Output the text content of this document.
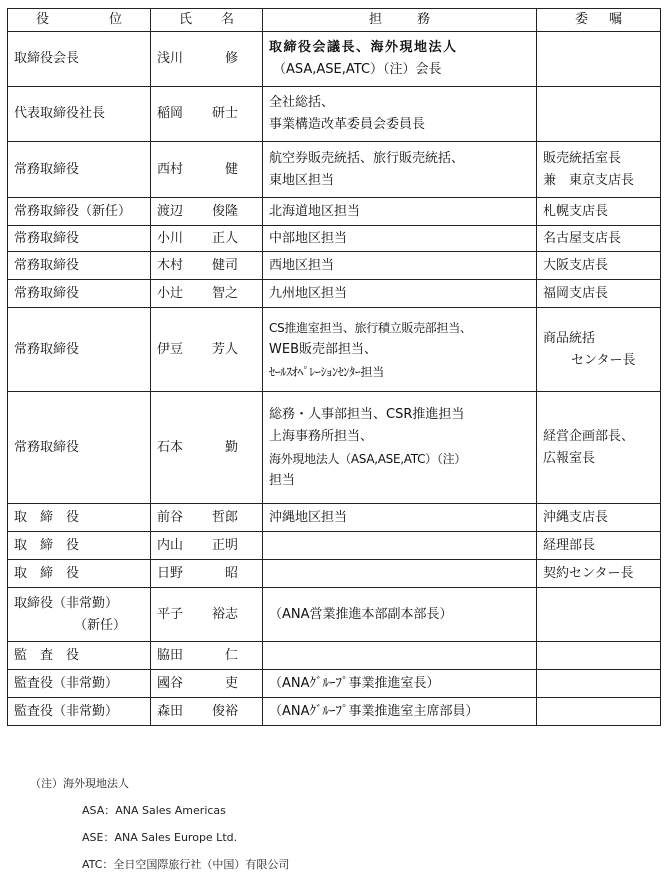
役 位	氏 名	担 務	委 嘱

取締役会長	浅川 修	取締役会議長、海外現地法人
（ASA,ASE,ATC）（注）会長	

代表取締役社長	稲岡 研士	全社総括、
事業構造改革委員会委員長	

常務取締役	西村 健	航空券販売統括、旅行販売統括、
東地区担当	販売統括室長
兼　東京支店長

常務取締役（新任）	渡辺 俊隆	北海道地区担当	札幌支店長

常務取締役	小川 正人	中部地区担当	名古屋支店長

常務取締役	木村 健司	西地区担当	大阪支店長

常務取締役	小辻 智之	九州地区担当	福岡支店長

常務取締役	伊豆 芳人	CS推進室担当、旅行積立販売部担当、
WEB販売部担当、
ｾｰﾙｽｵﾍﾟﾚｰｼｮﾝｾﾝﾀｰ担当	商品統括
センター長

常務取締役	石本 勤	総務・人事部担当、CSR推進担当
上海事務所担当、
海外現地法人（ASA,ASE,ATC）（注）
担当	経営企画部長、
広報室長

取　締　役	前谷 哲郎	沖縄地区担当	沖縄支店長

取　締　役	内山 正明		経理部長

取　締　役	日野 昭		契約センター長

取締役（非常勤）
（新任）	平子 裕志	（ANA営業推進本部副本部長）	

監　査　役	脇田 仁		

監査役（非常勤）	國谷 吏	（ANAｸﾞﾙｰﾌﾟ事業推進室長）	

監査役（非常勤）	森田 俊裕	（ANAｸﾞﾙｰﾌﾟ事業推進室主席部員）	

（注）海外現地法人
ASA：ANA Sales Americas
ASE：ANA Sales Europe Ltd.
ATC：全日空国際旅行社（中国）有限公司
